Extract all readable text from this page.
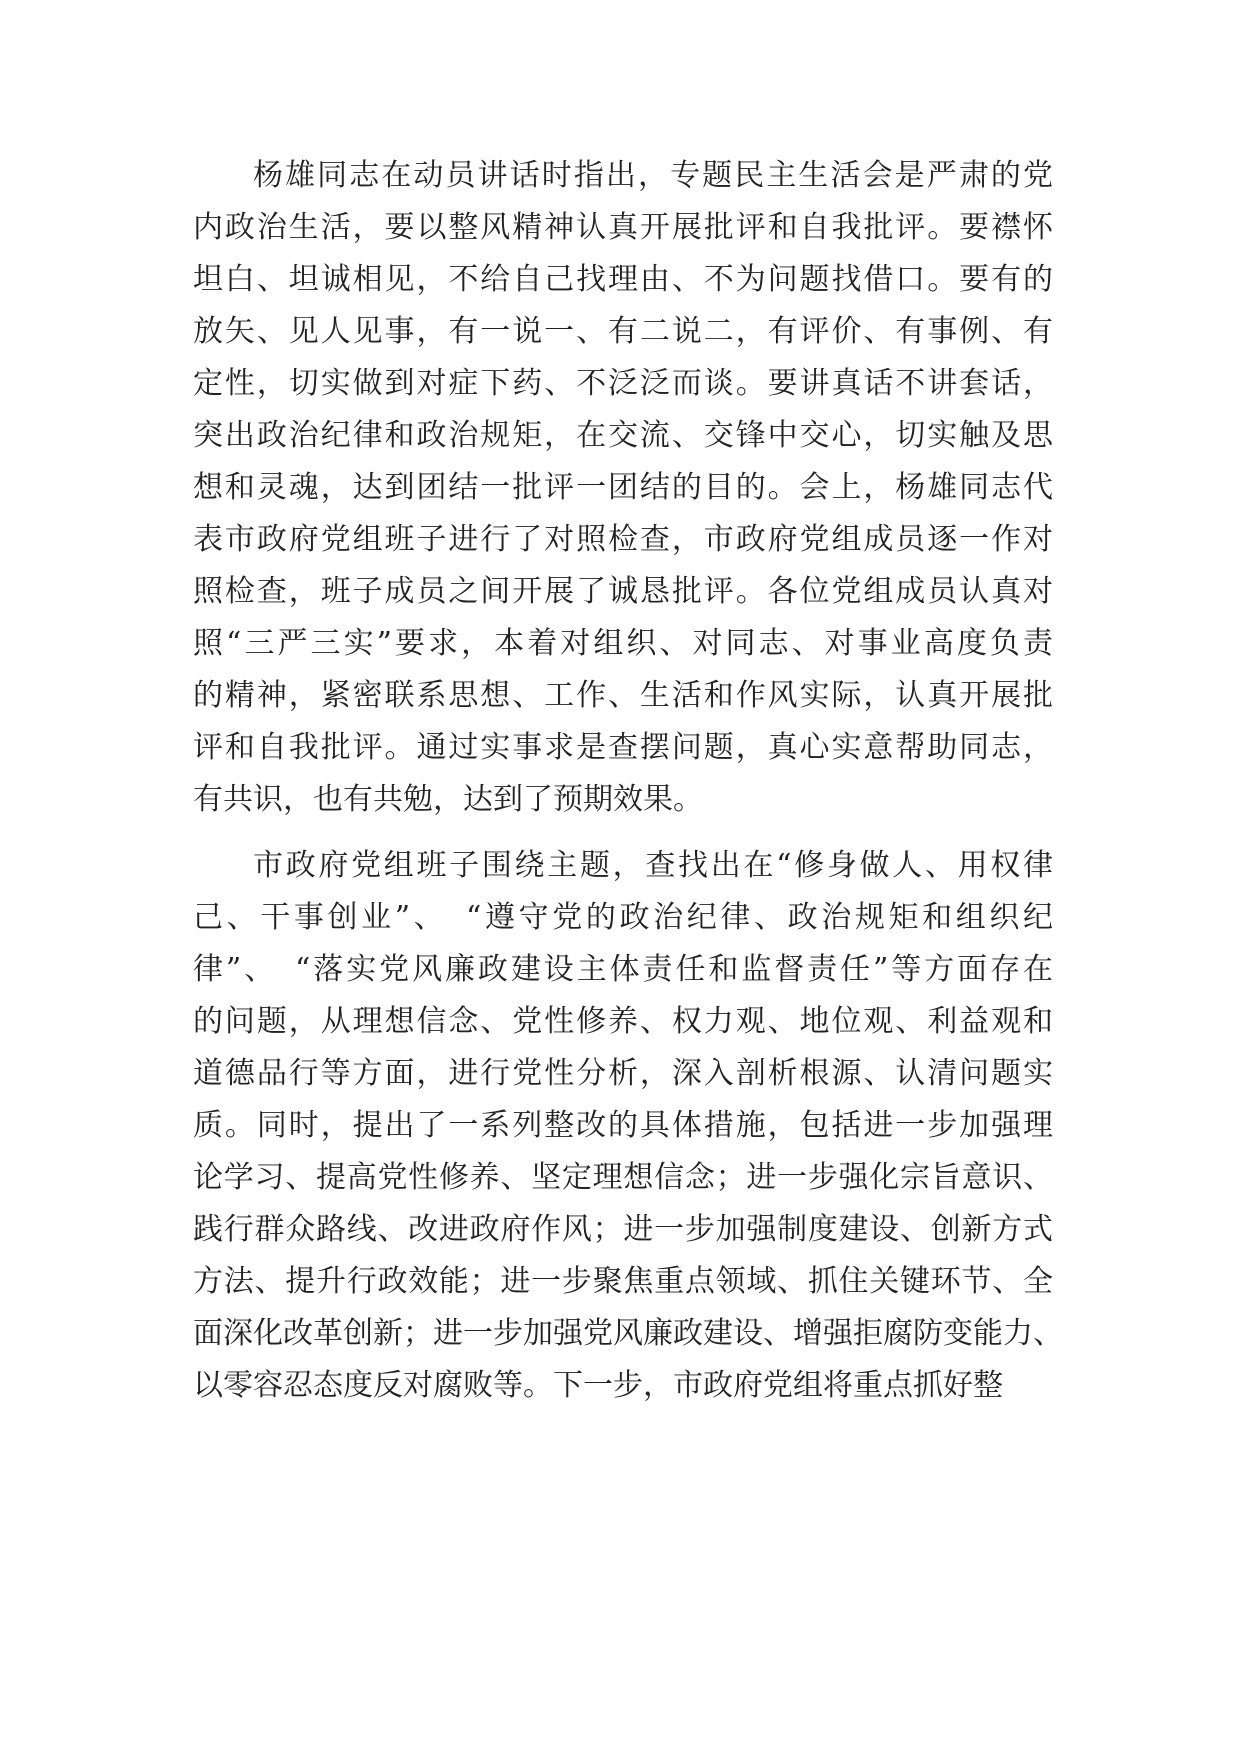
杨雄同志在动员讲话时指出，专题民主生活会是严肃的党
内政治生活，要以整风精神认真开展批评和自我批评。要襟怀
坦白、坦诚相见，不给自己找理由、不为问题找借口。要有的
放矢、见人见事，有一说一、有二说二，有评价、有事例、有
定性，切实做到对症下药、不泛泛而谈。要讲真话不讲套话，
突出政治纪律和政治规矩，在交流、交锋中交心，切实触及思
想和灵魂，达到团结一批评一团结的目的。会上，杨雄同志代
表市政府党组班子进行了对照检查，市政府党组成员逐一作对
照检查，班子成员之间开展了诚恳批评。各位党组成员认真对
照“三严三实”要求，本着对组织、对同志、对事业高度负责
的精神，紧密联系思想、工作、生活和作风实际，认真开展批
评和自我批评。通过实事求是查摆问题，真心实意帮助同志，
有共识，也有共勉，达到了预期效果。
市政府党组班子围绕主题，查找出在“修身做人、用权律
己、干事创业”、　“遵守党的政治纪律、政治规矩和组织纪
律”、　“落实党风廉政建设主体责任和监督责任”等方面存在
的问题，从理想信念、党性修养、权力观、地位观、利益观和
道德品行等方面，进行党性分析，深入剖析根源、认清问题实
质。同时，提出了一系列整改的具体措施，包括进一步加强理
论学习、提高党性修养、坚定理想信念；进一步强化宗旨意识、
践行群众路线、改进政府作风；进一步加强制度建设、创新方式
方法、提升行政效能；进一步聚焦重点领域、抓住关键环节、全
面深化改革创新；进一步加强党风廉政建设、增强拒腐防变能力、
以零容忍态度反对腐败等。下一步，市政府党组将重点抓好整
